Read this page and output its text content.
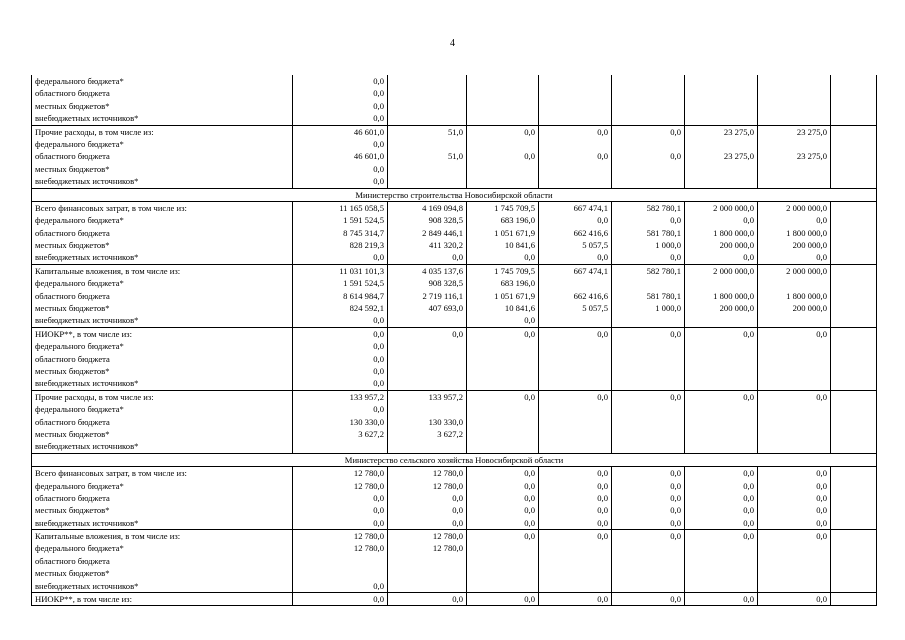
4
федерального бюджета*	0,0							
областного бюджета	0,0							
местных бюджетов*	0,0							
внебюджетных источников*	0,0							
Прочие расходы, в том числе из:	46 601,0	51,0	0,0	0,0	0,0	23 275,0	23 275,0	
федерального бюджета*	0,0							
областного бюджета	46 601,0	51,0	0,0	0,0	0,0	23 275,0	23 275,0	
местных бюджетов*	0,0							
внебюджетных источников*	0,0							
Министерство строительства Новосибирской области								
Всего финансовых затрат, в том числе из:	11 165 058,5	4 169 094,8	1 745 709,5	667 474,1	582 780,1	2 000 000,0	2 000 000,0	
федерального бюджета*	1 591 524,5	908 328,5	683 196,0	0,0	0,0	0,0	0,0	
областного бюджета	8 745 314,7	2 849 446,1	1 051 671,9	662 416,6	581 780,1	1 800 000,0	1 800 000,0	
местных бюджетов*	828 219,3	411 320,2	10 841,6	5 057,5	1 000,0	200 000,0	200 000,0	
внебюджетных источников*	0,0	0,0	0,0	0,0	0,0	0,0	0,0	
Капитальные вложения, в том числе из:	11 031 101,3	4 035 137,6	1 745 709,5	667 474,1	582 780,1	2 000 000,0	2 000 000,0	
федерального бюджета*	1 591 524,5	908 328,5	683 196,0					
областного бюджета	8 614 984,7	2 719 116,1	1 051 671,9	662 416,6	581 780,1	1 800 000,0	1 800 000,0	
местных бюджетов*	824 592,1	407 693,0	10 841,6	5 057,5	1 000,0	200 000,0	200 000,0	
внебюджетных источников*	0,0		0,0					
НИОКР**, в том числе из:	0,0	0,0	0,0	0,0	0,0	0,0	0,0	
федерального бюджета*	0,0							
областного бюджета	0,0							
местных бюджетов*	0,0							
внебюджетных источников*	0,0							
Прочие расходы, в том числе из:	133 957,2	133 957,2	0,0	0,0	0,0	0,0	0,0	
федерального бюджета*	0,0							
областного бюджета	130 330,0	130 330,0						
местных бюджетов*	3 627,2	3 627,2						
внебюджетных источников*								
Министерство сельского хозяйства Новосибирской области								
Всего финансовых затрат, в том числе из:	12 780,0	12 780,0	0,0	0,0	0,0	0,0	0,0	
федерального бюджета*	12 780,0	12 780,0	0,0	0,0	0,0	0,0	0,0	
областного бюджета	0,0	0,0	0,0	0,0	0,0	0,0	0,0	
местных бюджетов*	0,0	0,0	0,0	0,0	0,0	0,0	0,0	
внебюджетных источников*	0,0	0,0	0,0	0,0	0,0	0,0	0,0	
Капитальные вложения, в том числе из:	12 780,0	12 780,0	0,0	0,0	0,0	0,0	0,0	
федерального бюджета*	12 780,0	12 780,0						
областного бюджета								
местных бюджетов*								
внебюджетных источников*	0,0							
НИОКР**, в том числе из:	0,0	0,0	0,0	0,0	0,0	0,0	0,0	
